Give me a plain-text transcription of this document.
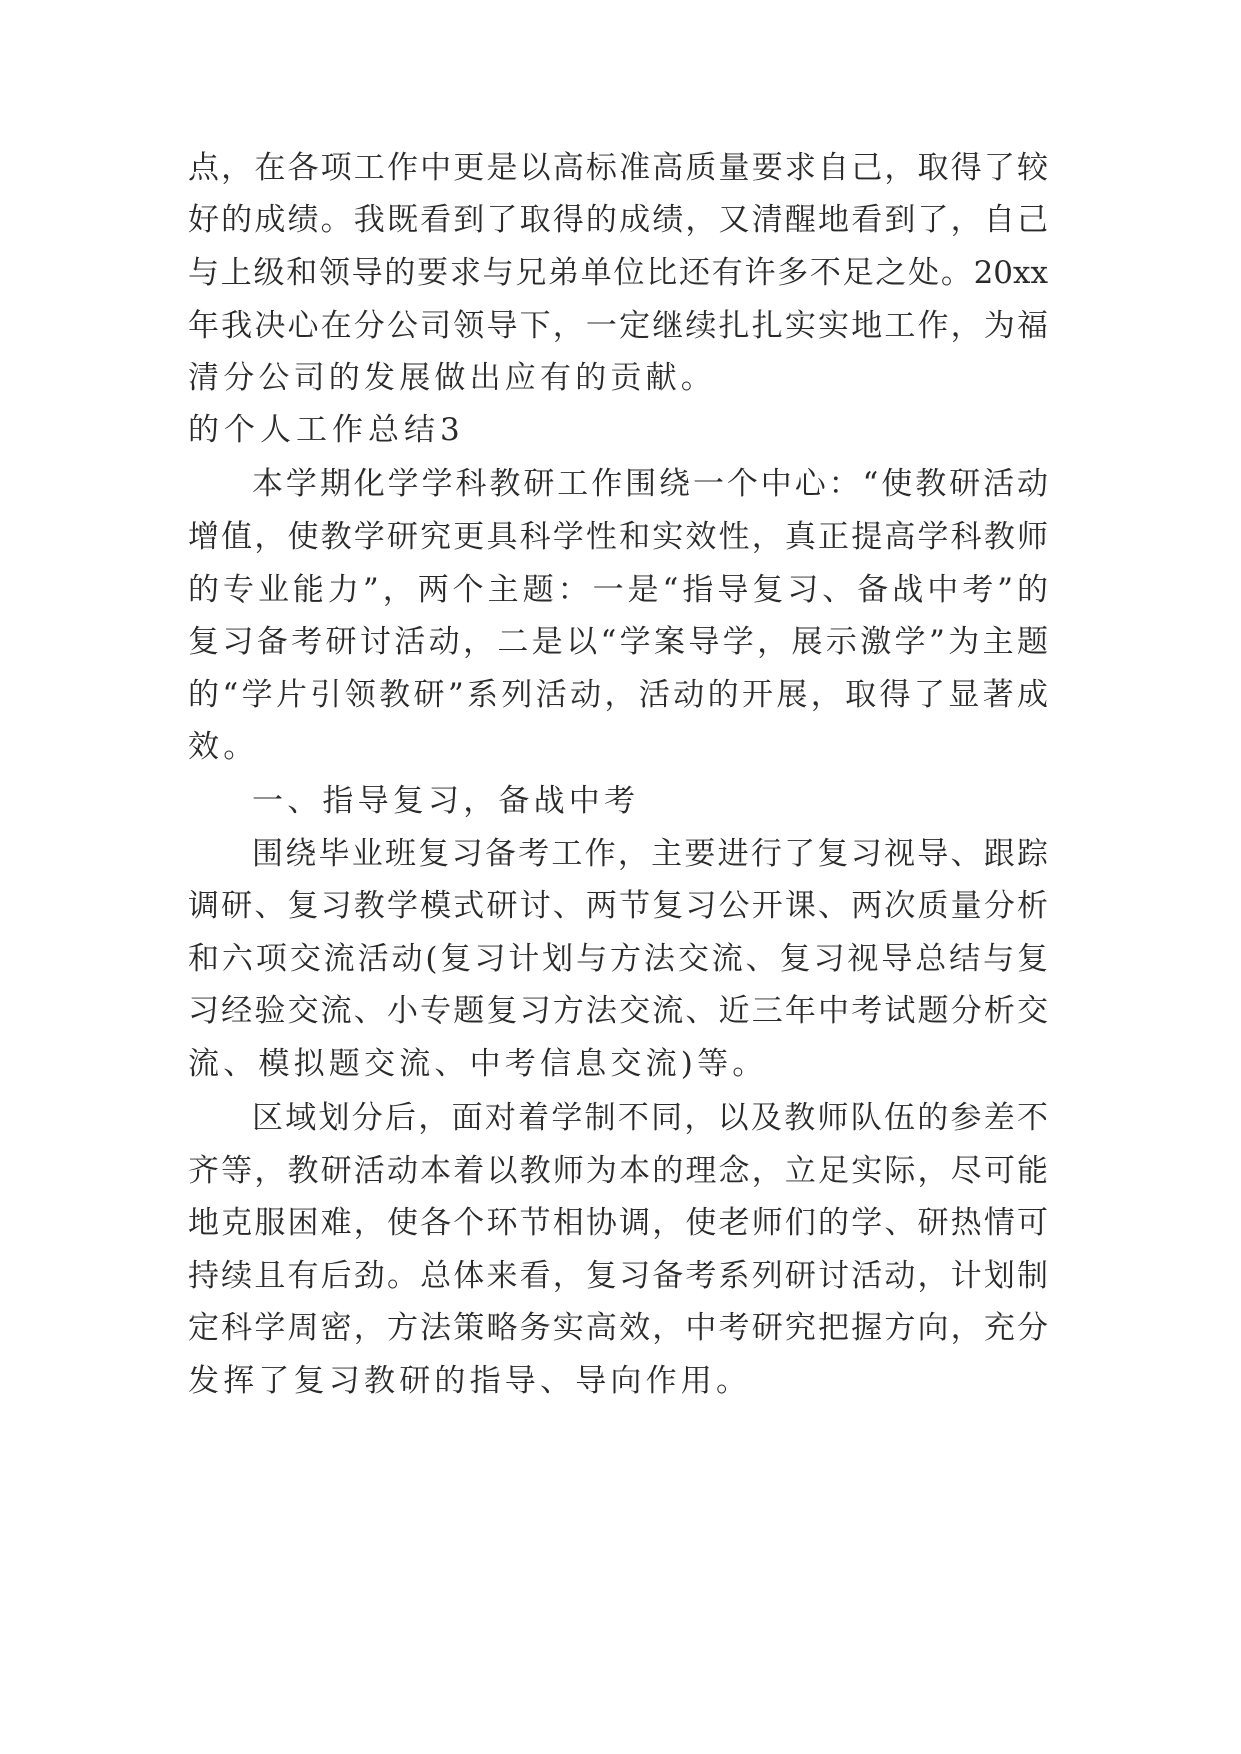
点，在各项工作中更是以高标准高质量要求自己，取得了较
好的成绩。我既看到了取得的成绩，又清醒地看到了，自己
与上级和领导的要求与兄弟单位比还有许多不足之处。20xx
年我决心在分公司领导下，一定继续扎扎实实地工作，为福
清分公司的发展做出应有的贡献。
的个人工作总结3
本学期化学学科教研工作围绕一个中心：“使教研活动
增值，使教学研究更具科学性和实效性，真正提高学科教师
的专业能力”，两个主题：一是“指导复习、备战中考”的
复习备考研讨活动，二是以“学案导学，展示激学”为主题
的“学片引领教研”系列活动，活动的开展，取得了显著成
效。
一、指导复习，备战中考
围绕毕业班复习备考工作，主要进行了复习视导、跟踪
调研、复习教学模式研讨、两节复习公开课、两次质量分析
和六项交流活动(复习计划与方法交流、复习视导总结与复
习经验交流、小专题复习方法交流、近三年中考试题分析交
流、模拟题交流、中考信息交流)等。
区域划分后，面对着学制不同，以及教师队伍的参差不
齐等，教研活动本着以教师为本的理念，立足实际，尽可能
地克服困难，使各个环节相协调，使老师们的学、研热情可
持续且有后劲。总体来看，复习备考系列研讨活动，计划制
定科学周密，方法策略务实高效，中考研究把握方向，充分
发挥了复习教研的指导、导向作用。
